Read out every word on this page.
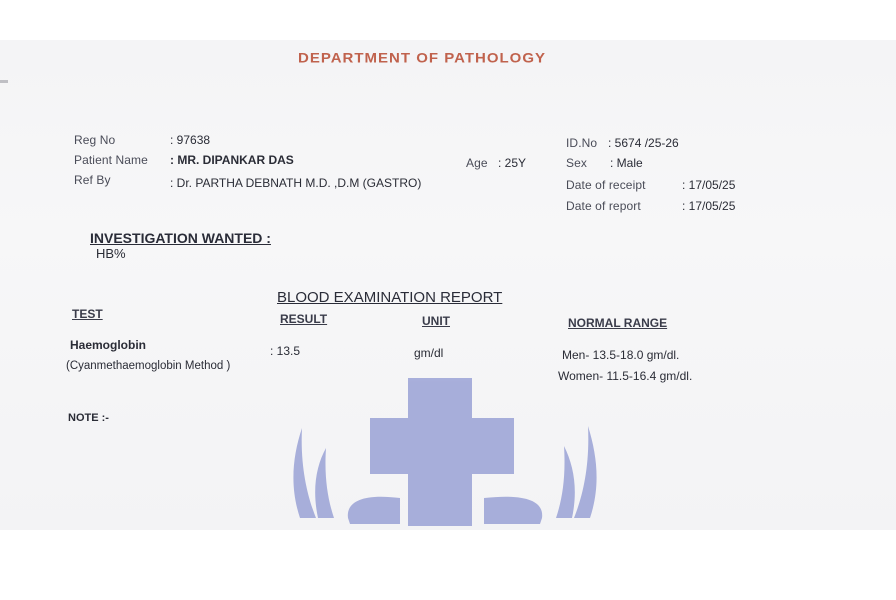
DEPARTMENT OF PATHOLOGY
Reg No	: 97638
Patient Name : MR. DIPANKAR DAS	Age : 25Y
Ref By	: Dr. PARTHA DEBNATH M.D. ,D.M (GASTRO)
ID.No : 5674 /25-26
Sex : Male
Date of receipt	: 17/05/25
Date of report	: 17/05/25
INVESTIGATION WANTED :
HB%
BLOOD EXAMINATION REPORT
TEST	RESULT	UNIT	NORMAL RANGE
Haemoglobin
(Cyanmethaemoglobin Method )
: 13.5	gm/dl	Men- 13.5-18.0 gm/dl.
Women- 11.5-16.4 gm/dl.
NOTE :-
